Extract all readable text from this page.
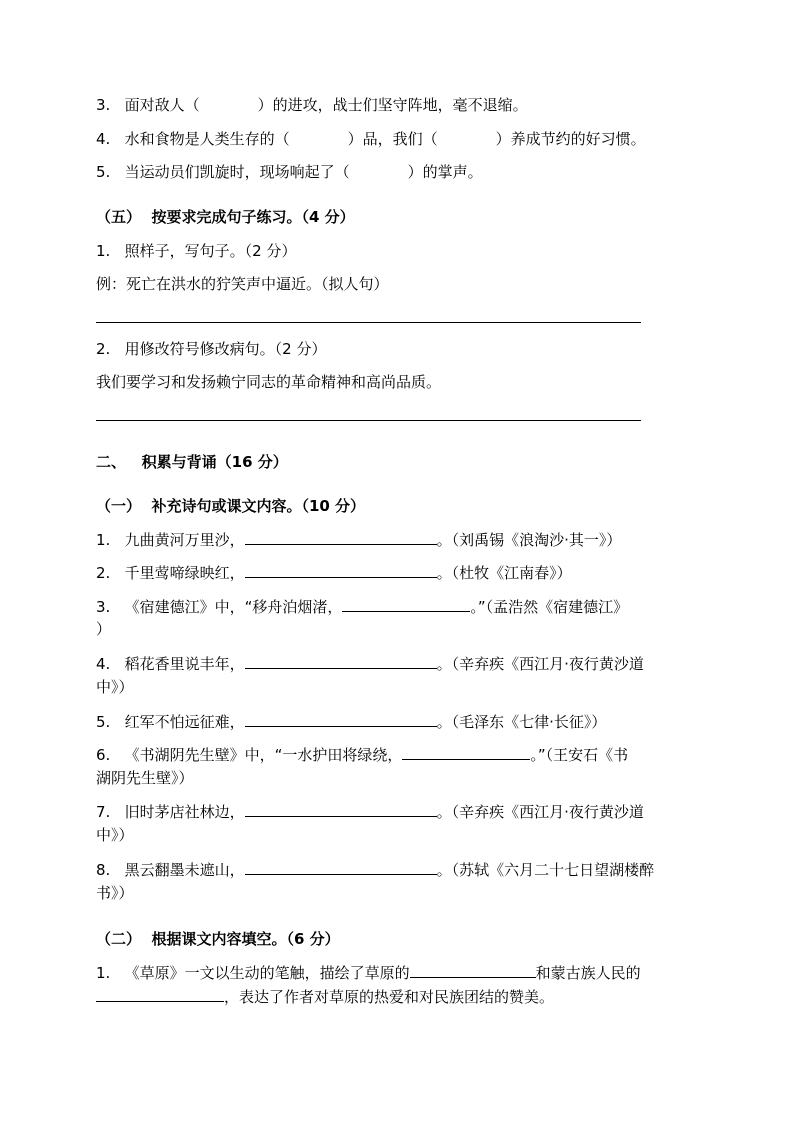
3. 面对敌人（	）的进攻，战士们坚守阵地，毫不退缩。
4. 水和食物是人类生存的（	）品，我们（	）养成节约的好习惯。
5. 当运动员们凯旋时，现场响起了（	）的掌声。
（五）  按要求完成句子练习。（4 分）
1. 照样子，写句子。（2 分）
例：死亡在洪水的狞笑声中逼近。（拟人句）
2. 用修改符号修改病句。（2 分）
我们要学习和发扬赖宁同志的革命精神和高尚品质。
二、   积累与背诵（16 分）
（一）  补充诗句或课文内容。（10 分）
1. 九曲黄河万里沙，	。（刘禹锡《浪淘沙·其一》）
2. 千里莺啼绿映红，	。（杜牧《江南春》）
3. 《宿建德江》中，“移舟泊烟渚，	。”（孟浩然《宿建德江》
）
4. 稻花香里说丰年，	。（辛弃疾《西江月·夜行黄沙道
中》）
5. 红军不怕远征难，	。（毛泽东《七律·长征》）
6. 《书湖阴先生壁》中，“一水护田将绿绕，	。”（王安石《书
湖阴先生壁》）
7. 旧时茅店社林边，	。（辛弃疾《西江月·夜行黄沙道
中》）
8. 黑云翻墨未遮山，	。（苏轼《六月二十七日望湖楼醉
书》）
（二）  根据课文内容填空。（6 分）
1. 《草原》一文以生动的笔触，描绘了草原的	和蒙古族人民的
，表达了作者对草原的热爱和对民族团结的赞美。
